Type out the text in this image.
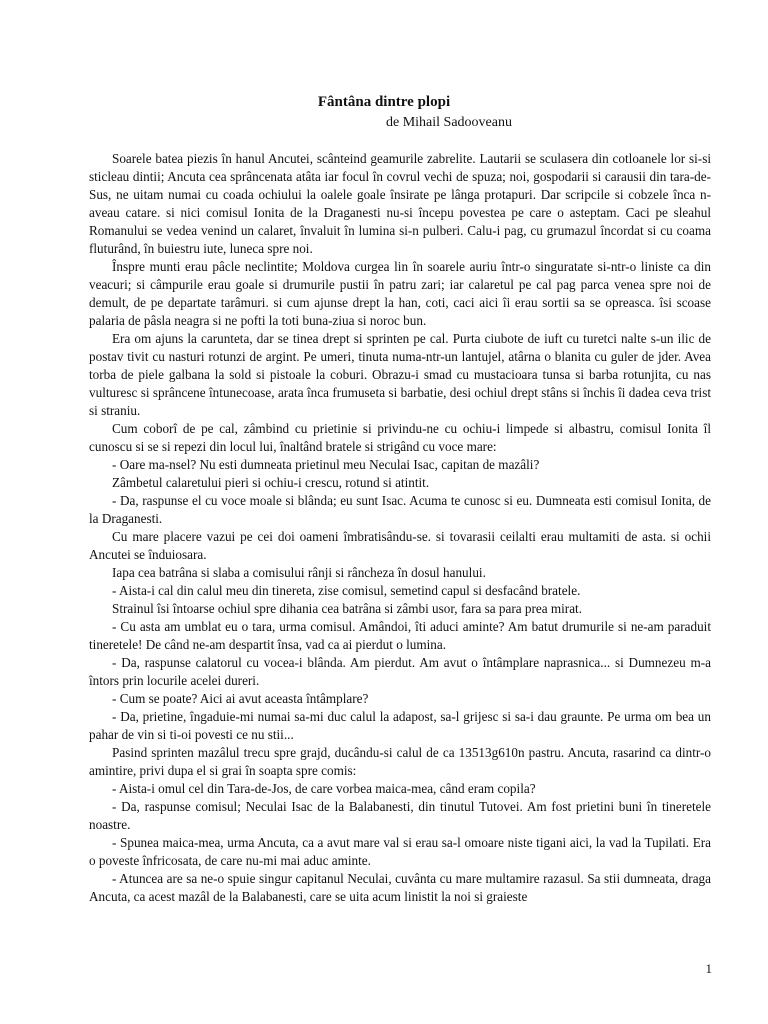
Fântâna dintre plopi
de Mihail Sadooveanu

Soarele batea piezis în hanul Ancutei, scânteind geamurile zabrelite. Lautarii se sculasera din cotloanele lor si-si sticleau dintii; Ancuta cea sprâncenata atâta iar focul în covrul vechi de spuza; noi, gospodarii si carausii din tara-de-Sus, ne uitam numai cu coada ochiului la oalele goale însirate pe lânga protapuri. Dar scripcile si cobzele înca n-aveau catare. si nici comisul Ionita de la Draganesti nu-si începu povestea pe care o asteptam. Caci pe sleahul Romanului se vedea venind un calaret, învaluit în lumina si-n pulberi. Calu-i pag, cu grumazul încordat si cu coama fluturând, în buiestru iute, luneca spre noi.

Înspre munti erau pâcle neclintite; Moldova curgea lin în soarele auriu într-o singuratate si-ntr-o liniste ca din veacuri; si câmpurile erau goale si drumurile pustii în patru zari; iar calaretul pe cal pag parca venea spre noi de demult, de pe departate tarâmuri. si cum ajunse drept la han, coti, caci aici îi erau sortii sa se opreasca. îsi scoase palaria de pâsla neagra si ne pofti la toti buna-ziua si noroc bun.

Era om ajuns la carunteta, dar se tinea drept si sprinten pe cal. Purta ciubote de iuft cu turetci nalte s-un ilic de postav tivit cu nasturi rotunzi de argint. Pe umeri, tinuta numa-ntr-un lantujel, atârna o blanita cu guler de jder. Avea torba de piele galbana la sold si pistoale la coburi. Obrazu-i smad cu mustacioara tunsa si barba rotunjita, cu nas vulturesc si sprâncene întunecoase, arata înca frumuseta si barbatie, desi ochiul drept stâns si închis îi dadea ceva trist si straniu.

Cum coborî de pe cal, zâmbind cu prietinie si privindu-ne cu ochiu-i limpede si albastru, comisul Ionita îl cunoscu si se si repezi din locul lui, înaltând bratele si strigând cu voce mare:

- Oare ma-nsel? Nu esti dumneata prietinul meu Neculai Isac, capitan de mazâli?

Zâmbetul calaretului pieri si ochiu-i crescu, rotund si atintit.

- Da, raspunse el cu voce moale si blânda; eu sunt Isac. Acuma te cunosc si eu. Dumneata esti comisul Ionita, de la Draganesti.

Cu mare placere vazui pe cei doi oameni îmbratisându-se. si tovarasii ceilalti erau multamiti de asta. si ochii Ancutei se înduiosara.

Iapa cea batrâna si slaba a comisului rânji si râncheza în dosul hanului.

- Aista-i cal din calul meu din tineretа, zise comisul, semetind capul si desfacând bratele.

Strainul îsi întoarse ochiul spre dihania cea batrâna si zâmbi usor, fara sa para prea mirat.

- Cu asta am umblat eu o tara, urma comisul. Amândoi, îti aduci aminte? Am batut drumurile si ne-am paraduit tineretele! De când ne-am despartit însa, vad ca ai pierdut o lumina.

- Da, raspunse calatorul cu vocea-i blânda. Am pierdut. Am avut o întâmplare naprasnica... si Dumnezeu m-a întors prin locurile acelei dureri.

- Cum se poate? Aici ai avut aceasta întâmplare?

- Da, prietine, îngaduie-mi numai sa-mi duc calul la adapost, sa-l grijesc si sa-i dau graunte. Pe urma om bea un pahar de vin si ti-oi povesti ce nu stii...

Pasind sprinten mazâlul trecu spre grajd, ducându-si calul de ca 13513g610n pastru. Ancuta, rasarind ca dintr-o amintire, privi dupa el si grai în soapta spre comis:

- Aista-i omul cel din Tara-de-Jos, de care vorbea maica-mea, când eram copila?

- Da, raspunse comisul; Neculai Isac de la Balabanesti, din tinutul Tutovei. Am fost prietini buni în tineretele noastre.

- Spunea maica-mea, urma Ancuta, ca a avut mare val si erau sa-l omoare niste tigani aici, la vad la Tupilati. Era o poveste înfricosata, de care nu-mi mai aduc aminte.

- Atuncea are sa ne-o spuie singur capitanul Neculai, cuvânta cu mare multamire razasul. Sa stii dumneata, draga Ancuta, ca acest mazâl de la Balabanesti, care se uita acum linistit la noi si graieste

1
